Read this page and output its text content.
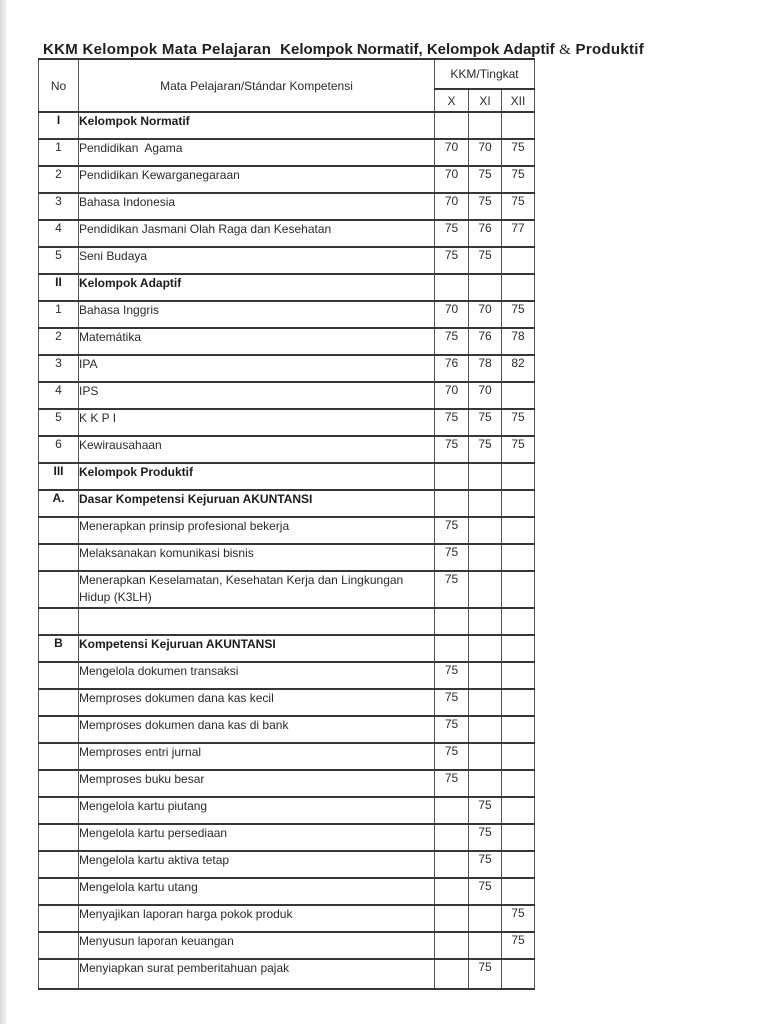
KKM Kelompok Mata Pelajaran Kelompok Normatif, Kelompok Adaptif & Produktif
No	Mata Pelajaran/Stándar Kompetensi	KKM/Tingkat		
		X	XI	XII
I	Kelompok Normatif			
1	Pendidikan  Agama	70	70	75
2	Pendidikan Kewarganegaraan	70	75	75
3	Bahasa Indonesia	70	75	75
4	Pendidikan Jasmani Olah Raga dan Kesehatan	75	76	77
5	Seni Budaya	75	75	
II	Kelompok Adaptif			
1	Bahasa Inggris	70	70	75
2	Matemátika	75	76	78
3	IPA	76	78	82
4	IPS	70	70	
5	K K P I	75	75	75
6	Kewirausahaan	75	75	75
III	Kelompok Produktif			
A.	Dasar Kompetensi Kejuruan AKUNTANSI			
	Menerapkan prinsip profesional bekerja	75		
	Melaksanakan komunikasi bisnis	75		
	Menerapkan Keselamatan, Kesehatan Kerja dan Lingkungan Hidup (K3LH)	75		

B	Kompetensi Kejuruan AKUNTANSI			
	Mengelola dokumen transaksi	75		
	Memproses dokumen dana kas kecil	75		
	Memproses dokumen dana kas di bank	75		
	Memproses entri jurnal	75		
	Memproses buku besar	75		
	Mengelola kartu piutang		75	
	Mengelola kartu persediaan		75	
	Mengelola kartu aktiva tetap		75	
	Mengelola kartu utang		75	
	Menyajikan laporan harga pokok produk			75
	Menyusun laporan keuangan			75
	Menyiapkan surat pemberitahuan pajak		75	
